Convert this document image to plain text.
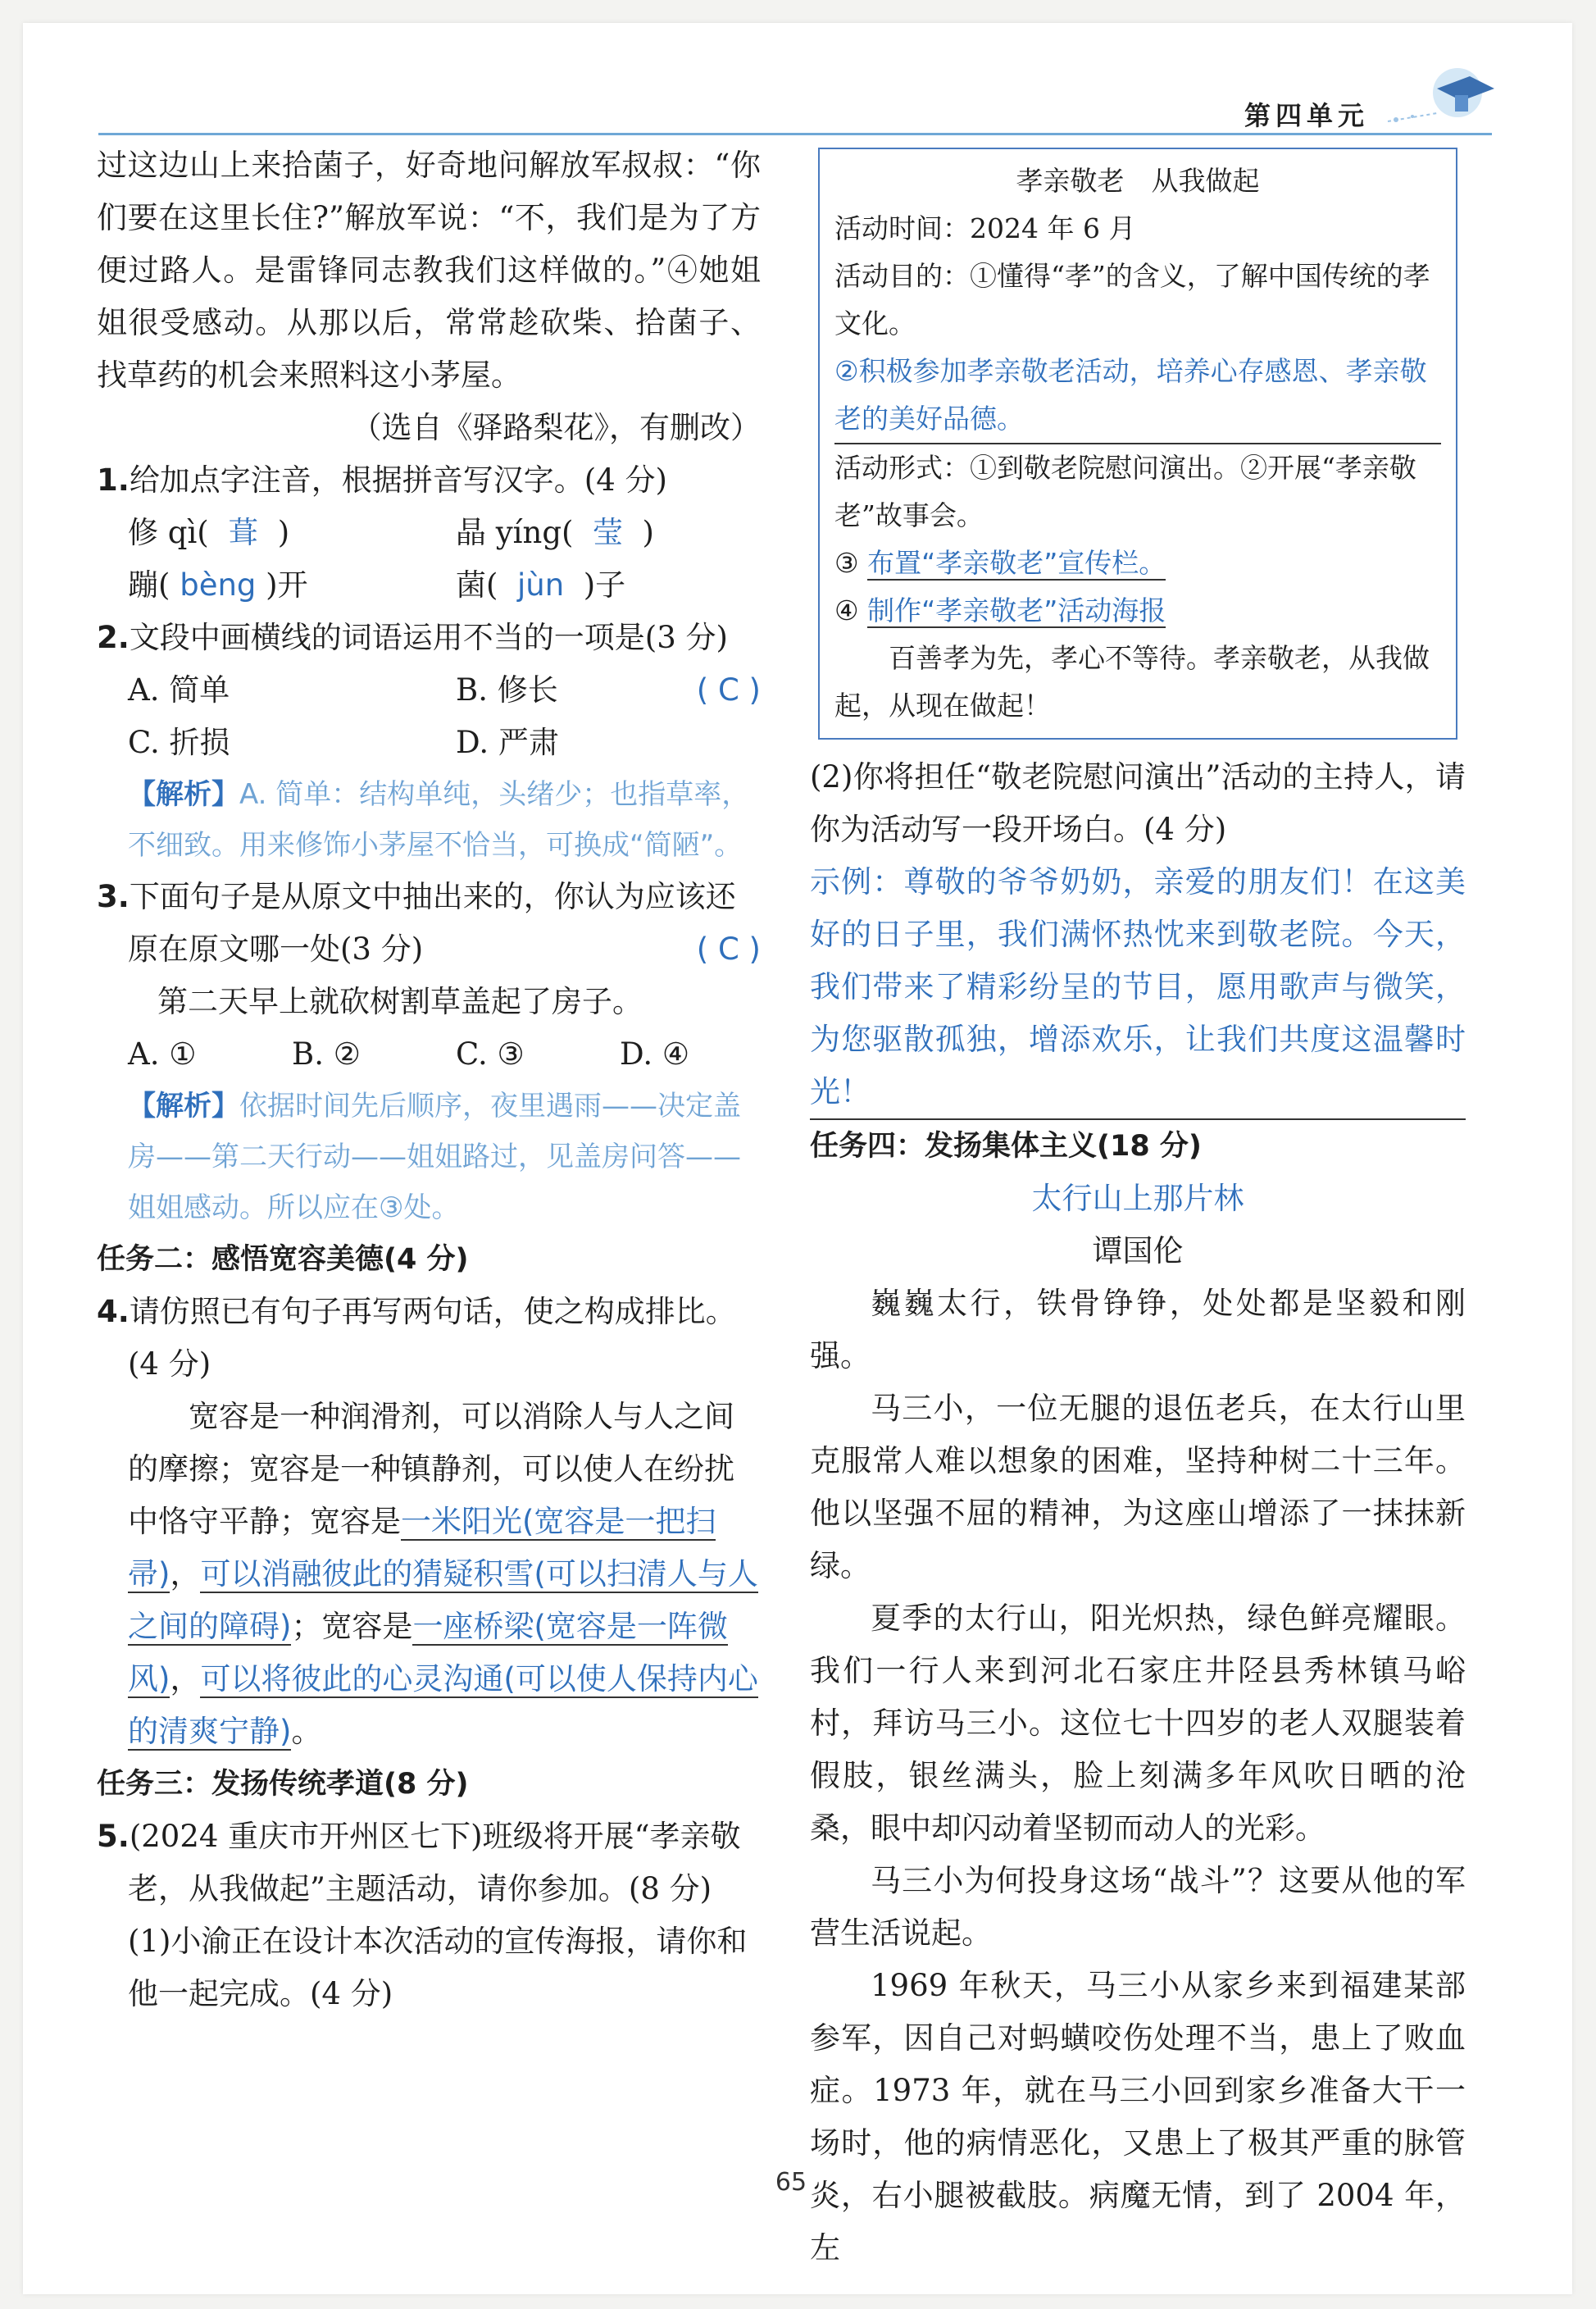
第四单元

过这边山上来拾菌子，好奇地问解放军叔叔：“你们要在这里长住?”解放军说：“不，我们是为了方便过路人。是雷锋同志教我们这样做的。”④她姐姐很受感动。从那以后，常常趁砍柴、拾菌子、找草药的机会来照料这小茅屋。

（选自《驿路梨花》，有删改）

1.给加点字注音，根据拼音写汉字。(4 分)

修 qì( 葺 )	晶 yíng( 莹 )
蹦( bèng )开	菌( jùn )子

2.文段中画横线的词语运用不当的一项是(3 分)
( C )

A. 简单	B. 修长
C. 折损	D. 严肃

【解析】A. 简单：结构单纯，头绪少；也指草率，不细致。用来修饰小茅屋不恰当，可换成“简陋”。

3.下面句子是从原文中抽出来的，你认为应该还原在原文哪一处(3 分)	( C )

第二天早上就砍树割草盖起了房子。

A. ①	B. ②	C. ③	D. ④

【解析】依据时间先后顺序，夜里遇雨——决定盖房——第二天行动——姐姐路过，见盖房问答——姐姐感动。所以应在③处。

任务二：感悟宽容美德(4 分)

4.请仿照已有句子再写两句话，使之构成排比。(4 分)

宽容是一种润滑剂，可以消除人与人之间的摩擦；宽容是一种镇静剂，可以使人在纷扰中恪守平静；宽容是一米阳光(宽容是一把扫帚)，可以消融彼此的猜疑积雪(可以扫清人与人之间的障碍)；宽容是一座桥梁(宽容是一阵微风)，可以将彼此的心灵沟通(可以使人保持内心的清爽宁静)。

任务三：发扬传统孝道(8 分)

5.(2024 重庆市开州区七下)班级将开展“孝亲敬老，从我做起”主题活动，请你参加。(8 分)

(1)小渝正在设计本次活动的宣传海报，请你和他一起完成。(4 分)

孝亲敬老　从我做起
活动时间：2024 年 6 月
活动目的：①懂得“孝”的含义，了解中国传统的孝文化。
②积极参加孝亲敬老活动，培养心存感恩、孝亲敬老的美好品德。
活动形式：①到敬老院慰问演出。②开展“孝亲敬老”故事会。
③ 布置“孝亲敬老”宣传栏。
④ 制作“孝亲敬老”活动海报
百善孝为先，孝心不等待。孝亲敬老，从我做起，从现在做起！

(2)你将担任“敬老院慰问演出”活动的主持人，请你为活动写一段开场白。(4 分)

示例：尊敬的爷爷奶奶，亲爱的朋友们！在这美好的日子里，我们满怀热忱来到敬老院。今天，我们带来了精彩纷呈的节目，愿用歌声与微笑，为您驱散孤独，增添欢乐，让我们共度这温馨时光！

任务四：发扬集体主义(18 分)

太行山上那片林

谭国伦

巍巍太行，铁骨铮铮，处处都是坚毅和刚强。

马三小，一位无腿的退伍老兵，在太行山里克服常人难以想象的困难，坚持种树二十三年。他以坚强不屈的精神，为这座山增添了一抹抹新绿。

夏季的太行山，阳光炽热，绿色鲜亮耀眼。我们一行人来到河北石家庄井陉县秀林镇马峪村，拜访马三小。这位七十四岁的老人双腿装着假肢，银丝满头，脸上刻满多年风吹日晒的沧桑，眼中却闪动着坚韧而动人的光彩。

马三小为何投身这场“战斗”？这要从他的军营生活说起。

1969 年秋天，马三小从家乡来到福建某部参军，因自己对蚂蟥咬伤处理不当，患上了败血症。1973 年，就在马三小回到家乡准备大干一场时，他的病情恶化，又患上了极其严重的脉管炎，右小腿被截肢。病魔无情，到了 2004 年，左

65
